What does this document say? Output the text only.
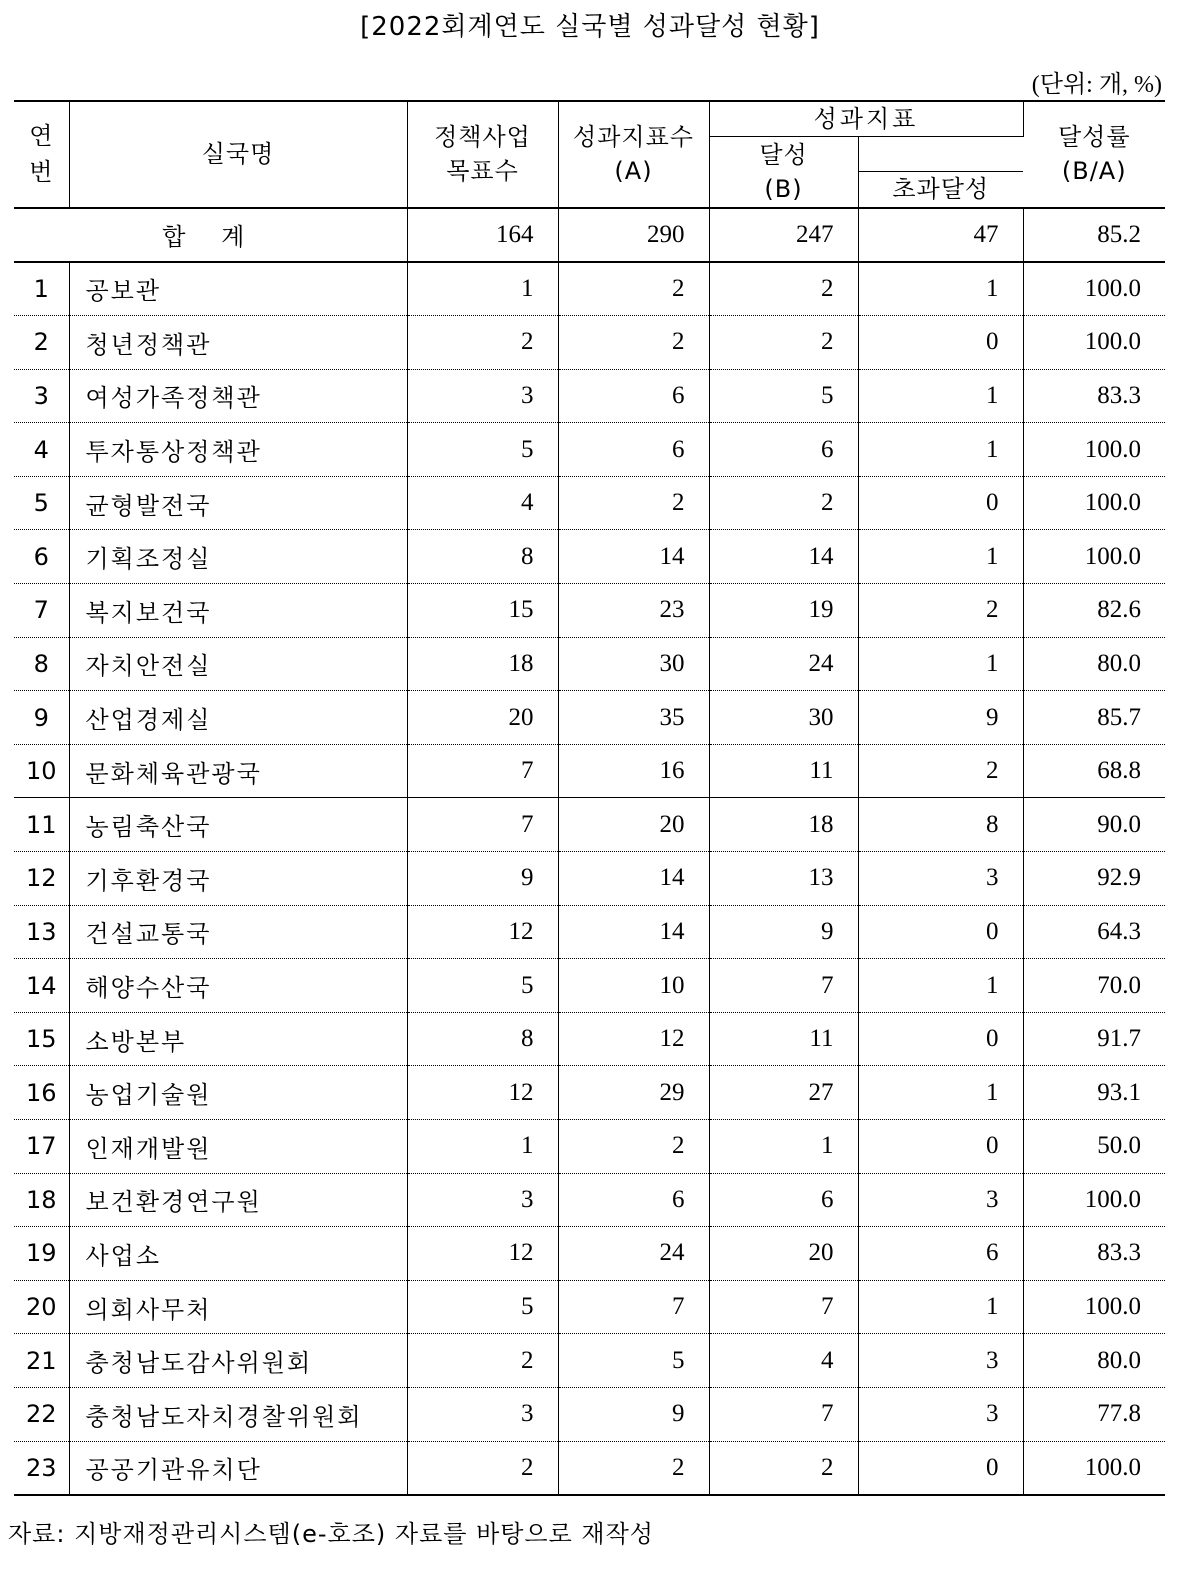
[2022회계연도 실국별 성과달성 현황]
(단위: 개, %)
연번	실국명	정책사업목표수	성과지표수(A)	성과지표		달성률(B/A)

				달성(B)		

					초과달성	
합 계		164	290	247	47	85.2
1	공보관	1	2	2	1	100.0
2	청년정책관	2	2	2	0	100.0
3	여성가족정책관	3	6	5	1	83.3
4	투자통상정책관	5	6	6	1	100.0
5	균형발전국	4	2	2	0	100.0
6	기획조정실	8	14	14	1	100.0
7	복지보건국	15	23	19	2	82.6
8	자치안전실	18	30	24	1	80.0
9	산업경제실	20	35	30	9	85.7
10	문화체육관광국	7	16	11	2	68.8
11	농림축산국	7	20	18	8	90.0
12	기후환경국	9	14	13	3	92.9
13	건설교통국	12	14	9	0	64.3
14	해양수산국	5	10	7	1	70.0
15	소방본부	8	12	11	0	91.7
16	농업기술원	12	29	27	1	93.1
17	인재개발원	1	2	1	0	50.0
18	보건환경연구원	3	6	6	3	100.0
19	사업소	12	24	20	6	83.3
20	의회사무처	5	7	7	1	100.0
21	충청남도감사위원회	2	5	4	3	80.0
22	충청남도자치경찰위원회	3	9	7	3	77.8
23	공공기관유치단	2	2	2	0	100.0
자료: 지방재정관리시스템(e-호조) 자료를 바탕으로 재작성
